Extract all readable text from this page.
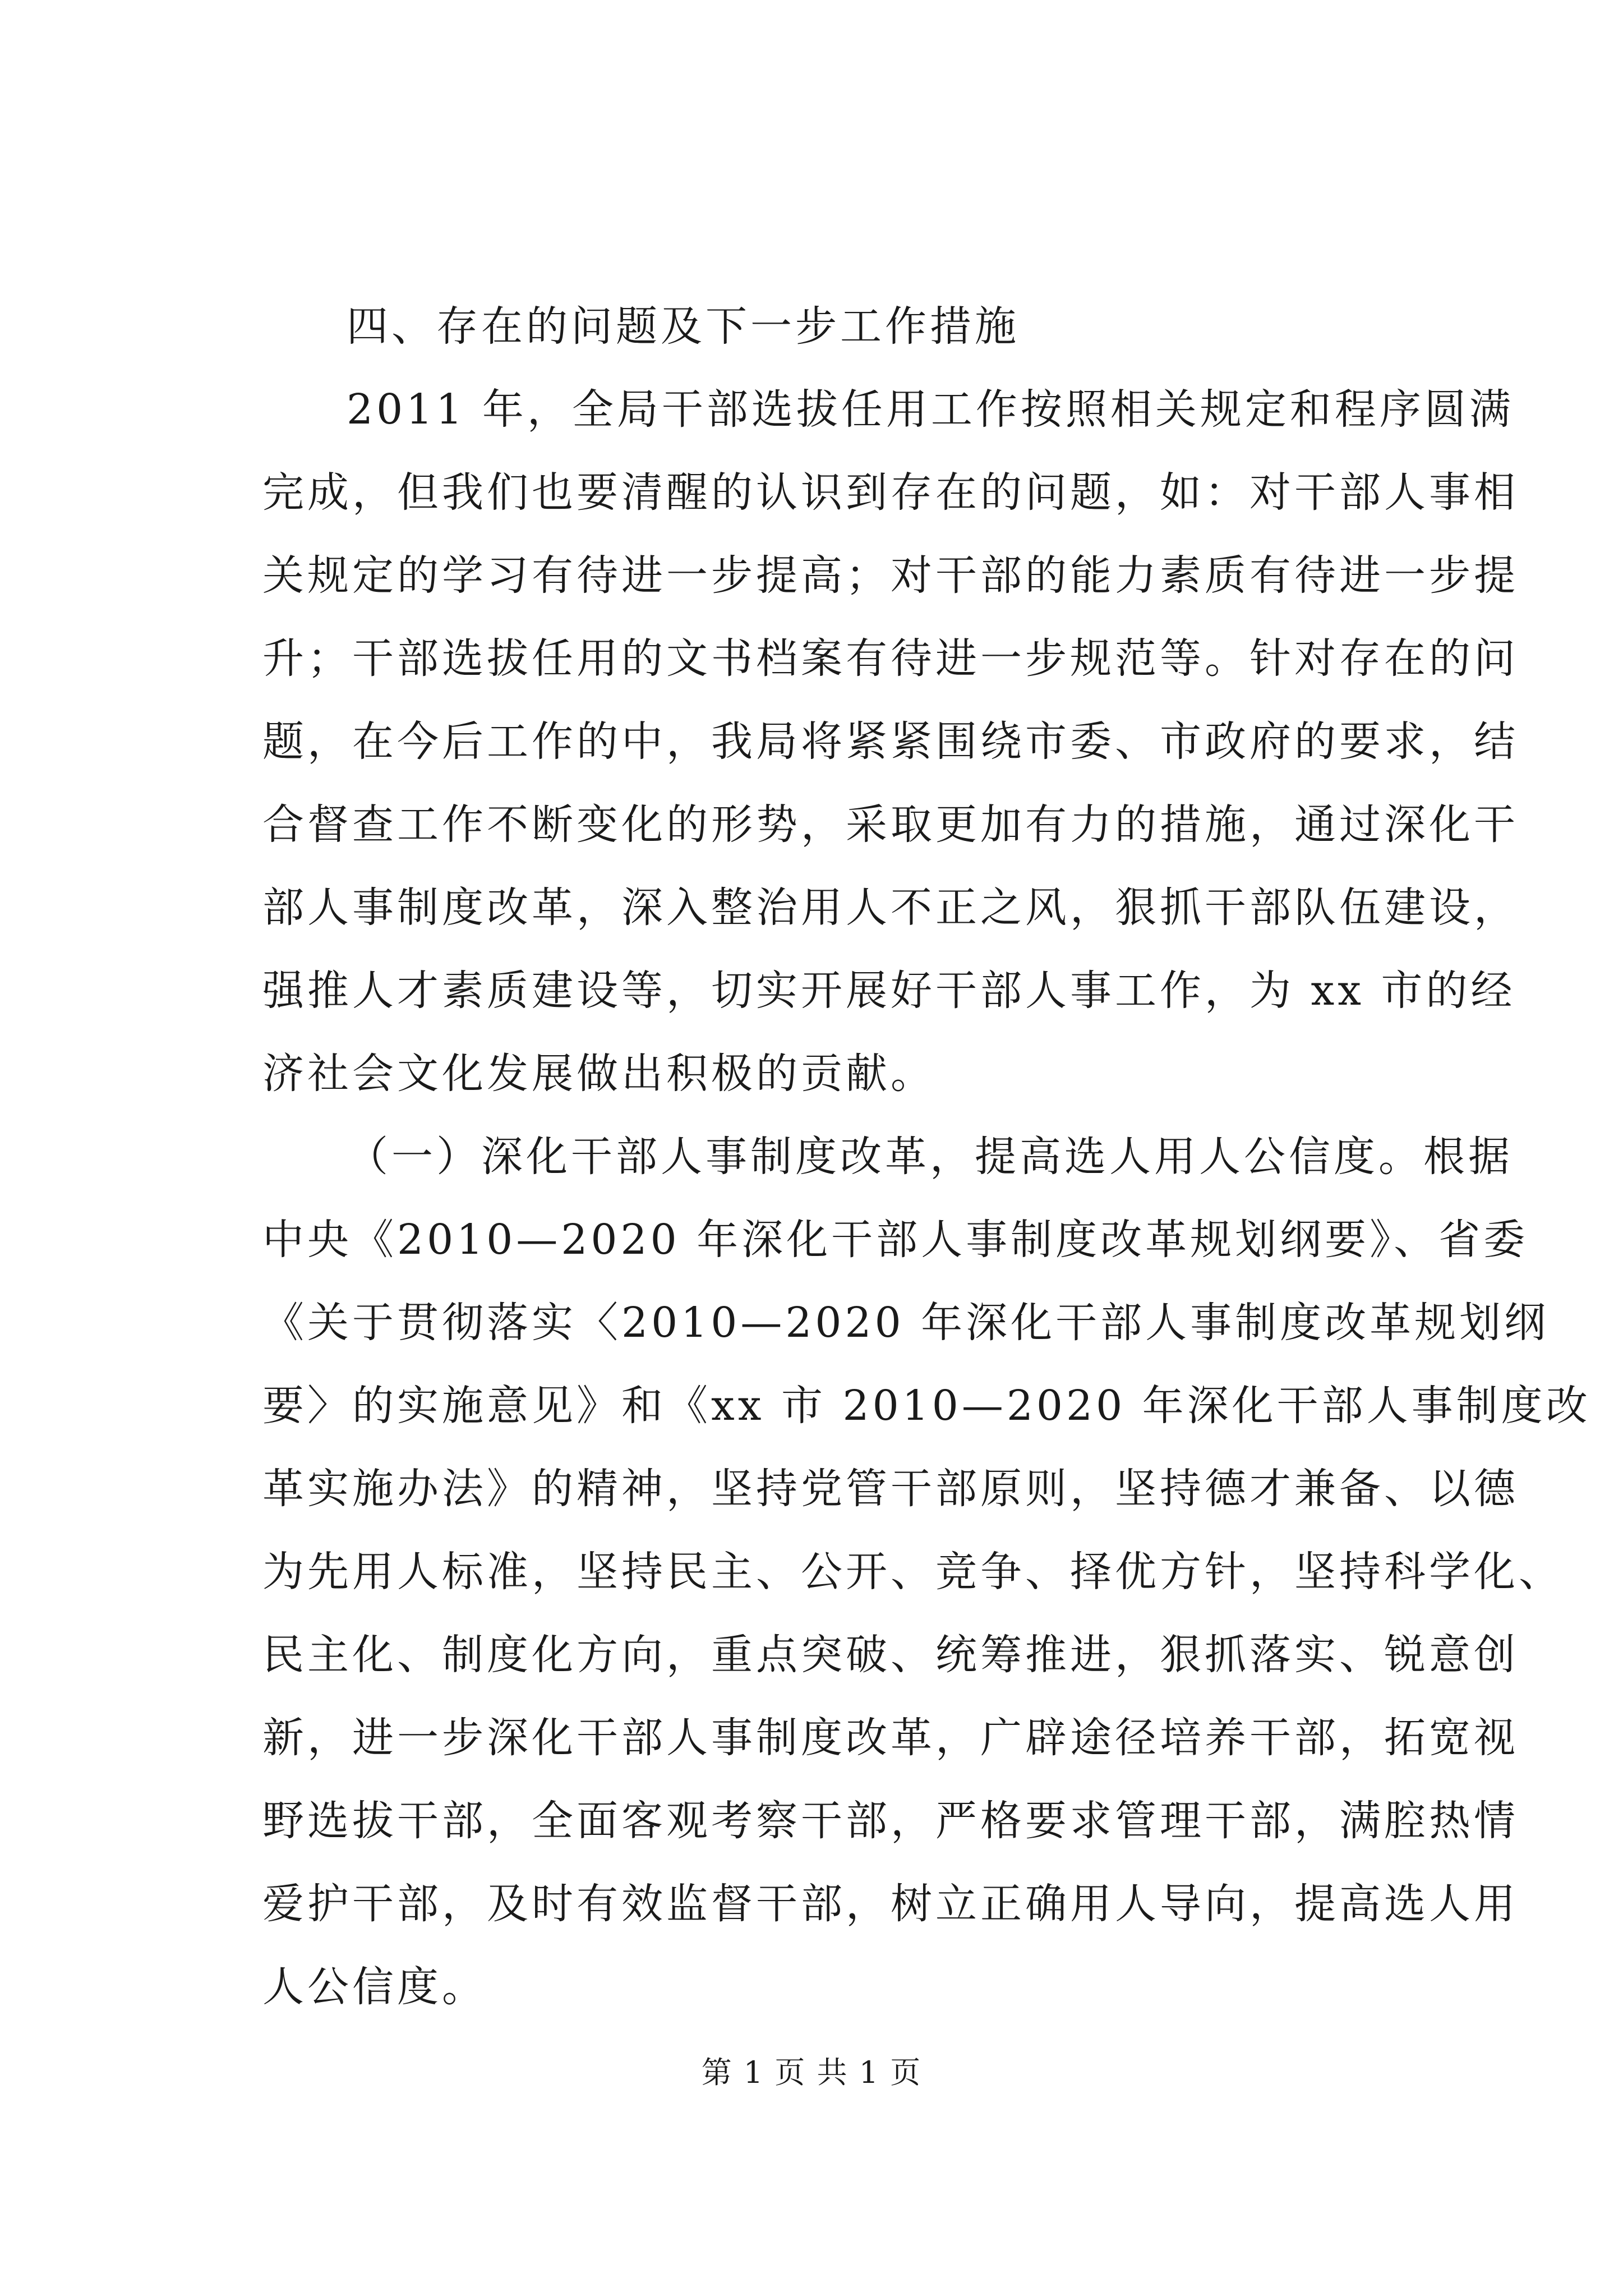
四、存在的问题及下一步工作措施

2011 年，全局干部选拔任用工作按照相关规定和程序圆满

完成，但我们也要清醒的认识到存在的问题，如：对干部人事相

关规定的学习有待进一步提高；对干部的能力素质有待进一步提

升；干部选拔任用的文书档案有待进一步规范等。针对存在的问

题，在今后工作的中，我局将紧紧围绕市委、市政府的要求，结

合督查工作不断变化的形势，采取更加有力的措施，通过深化干

部人事制度改革，深入整治用人不正之风，狠抓干部队伍建设，

强推人才素质建设等，切实开展好干部人事工作，为 xx 市的经

济社会文化发展做出积极的贡献。

（一）深化干部人事制度改革，提高选人用人公信度。根据

中央《2010—2020 年深化干部人事制度改革规划纲要》、省委

《关于贯彻落实〈2010—2020 年深化干部人事制度改革规划纲

要〉的实施意见》和《xx 市 2010—2020 年深化干部人事制度改

革实施办法》的精神，坚持党管干部原则，坚持德才兼备、以德

为先用人标准，坚持民主、公开、竞争、择优方针，坚持科学化、

民主化、制度化方向，重点突破、统筹推进，狠抓落实、锐意创

新，进一步深化干部人事制度改革，广辟途径培养干部，拓宽视

野选拔干部，全面客观考察干部，严格要求管理干部，满腔热情

爱护干部，及时有效监督干部，树立正确用人导向，提高选人用

人公信度。

第 1 页 共 1 页
